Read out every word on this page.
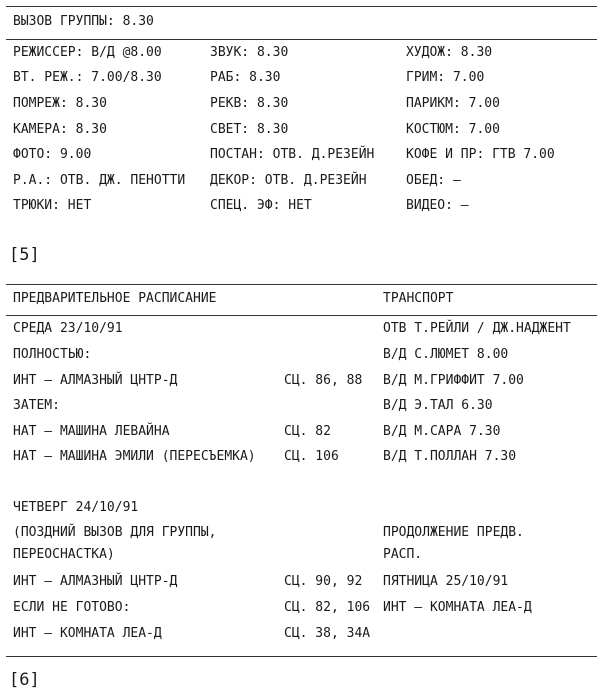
ВЫЗОВ ГРУППЫ: 8.30
РЕЖИССЕР: В/Д @8.00
ВТ. РЕЖ.: 7.00/8.30
ПОМРЕЖ: 8.30
КАМЕРА: 8.30
ФОТО: 9.00
Р.А.: ОТВ. ДЖ. ПЕНОТТИ
ТРЮКИ: НЕТ
ЗВУК: 8.30
РАБ: 8.30
РЕКВ: 8.30
СВЕТ: 8.30
ПОСТАН: ОТВ. Д.РЕЗЕЙН
ДЕКОР: ОТВ. Д.РЕЗЕЙН
СПЕЦ. ЭФ: НЕТ
ХУДОЖ: 8.30
ГРИМ: 7.00
ПАРИКМ: 7.00
КОСТЮМ: 7.00
КОФЕ И ПР: ГТВ 7.00
ОБЕД: —
ВИДЕО: —
[5]
ПРЕДВАРИТЕЛЬНОЕ РАСПИСАНИЕ	ТРАНСПОРТ
СРЕДА 23/10/91
ПОЛНОСТЬЮ:
ИНТ — АЛМАЗНЫЙ ЦНТР-Д
ЗАТЕМ:
НАТ — МАШИНА ЛЕВАЙНА
НАТ — МАШИНА ЭМИЛИ (ПЕРЕСЪЕМКА)
СЦ. 86, 88
СЦ. 82
СЦ. 106
ОТВ Т.РЕЙЛИ / ДЖ.НАДЖЕНТ
В/Д С.ЛЮМЕТ 8.00
В/Д М.ГРИФФИТ 7.00
В/Д Э.ТАЛ 6.30
В/Д М.САРА 7.30
В/Д Т.ПОЛЛАН 7.30
ЧЕТВЕРГ 24/10/91
(ПОЗДНИЙ ВЫЗОВ ДЛЯ ГРУППЫ,
ПЕРЕОСНАСТКА)
ИНТ — АЛМАЗНЫЙ ЦНТР-Д
ЕСЛИ НЕ ГОТОВО:
ИНТ — КОМНАТА ЛЕА-Д
СЦ. 90, 92
СЦ. 82, 106
СЦ. 38, 34А
ПРОДОЛЖЕНИЕ ПРЕДВ.
РАСП.
ПЯТНИЦА 25/10/91
ИНТ — КОМНАТА ЛЕА-Д
[6]
